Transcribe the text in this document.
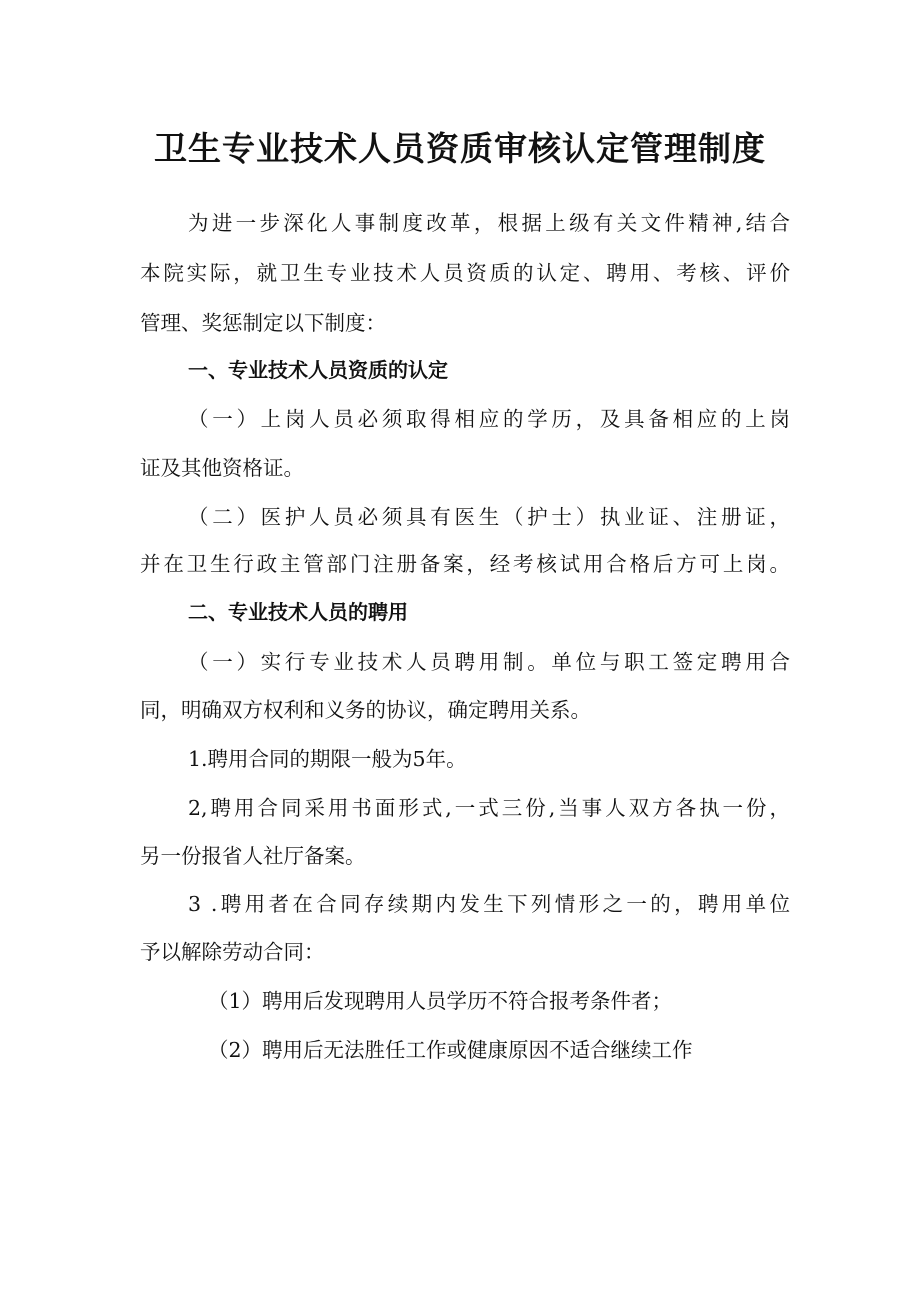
卫生专业技术人员资质审核认定管理制度

为进一步深化人事制度改革，根据上级有关文件精神,结合

本院实际，就卫生专业技术人员资质的认定、聘用、考核、评价

管理、奖惩制定以下制度：

一、专业技术人员资质的认定

（一）上岗人员必须取得相应的学历，及具备相应的上岗

证及其他资格证。

（二）医护人员必须具有医生（护士）执业证、注册证，

并在卫生行政主管部门注册备案，经考核试用合格后方可上岗。

二、专业技术人员的聘用

（一）实行专业技术人员聘用制。单位与职工签定聘用合

同，明确双方权利和义务的协议，确定聘用关系。

1.聘用合同的期限一般为5年。

2,聘用合同采用书面形式,一式三份,当事人双方各执一份，

另一份报省人社厅备案。

3 .聘用者在合同存续期内发生下列情形之一的，聘用单位

予以解除劳动合同：

（1）聘用后发现聘用人员学历不符合报考条件者；

（2）聘用后无法胜任工作或健康原因不适合继续工作
